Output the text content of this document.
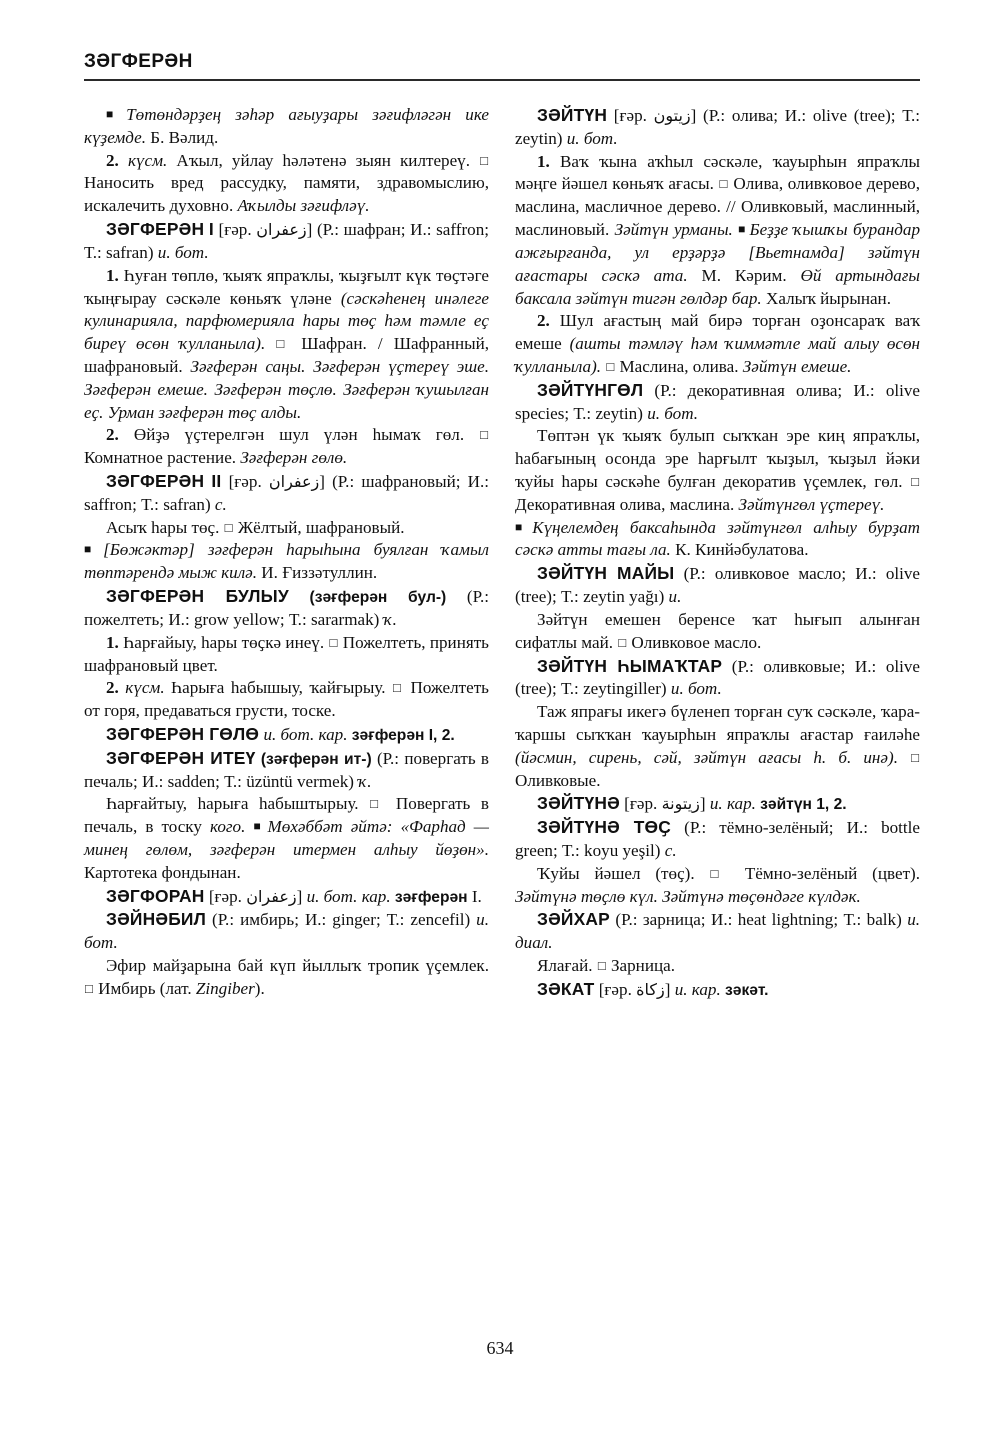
ЗӘГФЕРӘН

■ Төтөндәрҙең зәһәр ағыуҙары зәғифләгән ике күҙемде. Б. Вәлид.

2. күсм. Аҡыл, уйлау һәләтенә зыян килтереү. □ Наносить вред рассудку, памяти, здравомыслию, искалечить духовно. Аҡылды зәғифләү.

ЗӘГФЕРӘН I [ғәр. زعفران] (Р.: шафран; И.: saffron; Т.: safran) и. бот.

1. Һуған төплө, ҡыяҡ япраҡлы, ҡыҙғылт күк төҫтәге ҡыңғырау сәскәле көньяҡ үләне (сәскәһенең инәлеге кулинарияла, парфюмерияла һары төҫ һәм тәмле еҫ биреү өсөн ҡулланыла). □ Шафран. / Шафранный, шафрановый. Зәғферән саңы. Зәғферән үҫтереү эше. Зәғферән емеше. Зәғферән төҫлө. Зәғферән ҡушылған еҫ. Урман зәғферән төҫ алды.

2. Өйҙә үҫтерелгән шул үлән һымаҡ гөл. □ Комнатное растение. Зәғферән гөлө.

ЗӘГФЕРӘН II [ғәр. زعفران] (Р.: шафрановый; И.: saffron; Т.: safran) с.

Асыҡ һары төҫ. □ Жёлтый, шафрановый.

■ [Бөжәктәр] зәғферән һарыһына буялған ҡамыл төптәрендә мыж килә. И. Ғиззәтуллин.

ЗӘГФЕРӘН БУЛЫУ (зәғферән бул-) (Р.: пожелтеть; И.: grow yellow; Т.: sararmak) ҡ.

1. Һарғайыу, һары төҫкә инеү. □ Пожелтеть, принять шафрановый цвет.

2. күсм. Һарыға һабышыу, ҡайғырыу. □ Пожелтеть от горя, предаваться грусти, тоске.

ЗӘГФЕРӘН ГӨЛӨ и. бот. кар. зәғферән I, 2.

ЗӘГФЕРӘН ИТЕҮ (зәғферән ит-) (Р.: повергать в печаль; И.: sadden; Т.: üzüntü vermek) ҡ.

Һарғайтыу, һарыға һабыштырыу. □ Повергать в печаль, в тоску кого. ■ Мөхәббәт әйтә: «Фарһад — минең гөлөм, зәғферән итермен алһыу йөҙөн». Картотека фондынан.

ЗӘГФОРАН [ғәр. زعفران] и. бот. кар. зәғферән I.

ЗӘЙНӘБИЛ (Р.: имбирь; И.: ginger; Т.: zencefil) и. бот.

Эфир майҙарына бай күп йыллыҡ тропик үҫемлек. □ Имбирь (лат. Zingiber).

ЗӘЙТҮН [ғәр. زيتون] (Р.: олива; И.: olive (tree); Т.: zeytin) и. бот.

1. Ваҡ ҡына аҡһыл сәскәле, ҡауырһын япраҡлы мәңге йәшел көньяҡ ағасы. □ Олива, оливковое дерево, маслина, масличное дерево. // Оливковый, маслинный, маслиновый. Зәйтүн урманы. ■ Беҙҙе ҡышҡы бурандар ажғырғанда, ул ерҙәрҙә [Вьетнамда] зәйтүн ағастары сәскә ата. М. Кәрим. Өй артындағы баксала зәйтүн тигән гөлдәр бар. Халыҡ йырынан.

2. Шул ағастың май бирә торған оҙонсараҡ ваҡ емеше (ашты тәмләү һәм ҡиммәтле май алыу өсөн ҡулланыла). □ Маслина, олива. Зәйтүн емеше.

ЗӘЙТҮНГӨЛ (Р.: декоративная олива; И.: olive species; Т.: zeytin) и. бот.

Төптән үк ҡыяҡ булып сыҡҡан эре киң япраҡлы, һабағының осонда эре һарғылт ҡыҙыл, ҡыҙыл йәки ҡуйы һары сәскәһе булған декоратив үҫемлек, гөл. □ Декоративная олива, маслина. Зәйтүнгөл үҫтереү.

■ Күңелемдең баксаһында зәйтүнгөл алһыу бурҙат сәскә атты тағы ла. К. Кинйәбулатова.

ЗӘЙТҮН МАЙЫ (Р.: оливковое масло; И.: olive (tree); Т.: zeytin yağı) и.

Зәйтүн емешен беренсе ҡат һығып алынған сифатлы май. □ Оливковое масло.

ЗӘЙТҮН ҺЫМАҠТАР (Р.: оливковые; И.: olive (tree); Т.: zeytingiller) и. бот.

Таж япрағы икегә бүленеп торған суҡ сәскәле, ҡара-ҡаршы сыҡҡан ҡауырһын япраҡлы ағастар ғаиләһе (йәсмин, сирень, сәй, зәйтүн ағасы һ. б. инә). □ Оливковые.

ЗӘЙТҮНӘ [ғәр. زيتونة] и. кар. зәйтүн 1, 2.

ЗӘЙТҮНӘ ТӨҪ (Р.: тёмно-зелёный; И.: bottle green; Т.: koyu yeşil) с.

Ҡуйы йәшел (төҫ). □ Тёмно-зелёный (цвет). Зәйтүнә төҫлө күл. Зәйтүнә төҫөндәге күлдәк.

ЗӘЙХАР (Р.: зарница; И.: heat lightning; Т.: balk) и. диал.

Ялағай. □ Зарница.

ЗӘКАТ [ғәр. زكاة] и. кар. зәкәт.

634
